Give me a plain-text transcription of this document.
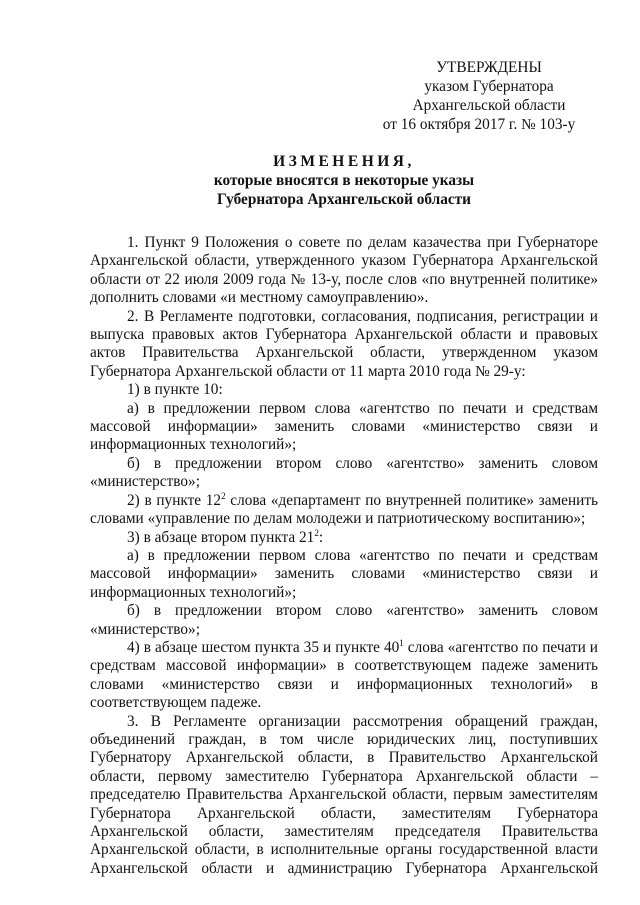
УТВЕРЖДЕНЫ
указом Губернатора
Архангельской области
от 16 октября 2017 г. № 103-у
ИЗМЕНЕНИЯ,
которые вносятся в некоторые указы
Губернатора Архангельской области

1. Пункт 9 Положения о совете по делам казачества при Губернаторе Архангельской области, утвержденного указом Губернатора Архангельской области от 22 июля 2009 года № 13-у, после слов «по внутренней политике» дополнить словами «и местному самоуправлению».

2. В Регламенте подготовки, согласования, подписания, регистрации и выпуска правовых актов Губернатора Архангельской области и правовых актов Правительства Архангельской области, утвержденном указом Губернатора Архангельской области от 11 марта 2010 года № 29-у:

1) в пункте 10:

а) в предложении первом слова «агентство по печати и средствам массовой информации» заменить словами «министерство связи и информационных технологий»;

б) в предложении втором слово «агентство» заменить словом «министерство»;

2) в пункте $12^2$ слова «департамент по внутренней политике» заменить словами «управление по делам молодежи и патриотическому воспитанию»;

3) в абзаце втором пункта $21^2$:

а) в предложении первом слова «агентство по печати и средствам массовой информации» заменить словами «министерство связи и информационных технологий»;

б) в предложении втором слово «агентство» заменить словом «министерство»;

4) в абзаце шестом пункта 35 и пункте $40^1$ слова «агентство по печати и средствам массовой информации» в соответствующем падеже заменить словами «министерство связи и информационных технологий» в соответствующем падеже.

3. В Регламенте организации рассмотрения обращений граждан, объединений граждан, в том числе юридических лиц, поступивших Губернатору Архангельской области, в Правительство Архангельской области, первому заместителю Губернатора Архангельской области – председателю Правительства Архангельской области, первым заместителям Губернатора Архангельской области, заместителям Губернатора Архангельской области, заместителям председателя Правительства Архангельской области, в исполнительные органы государственной власти Архангельской области и администрацию Губернатора Архангельской
